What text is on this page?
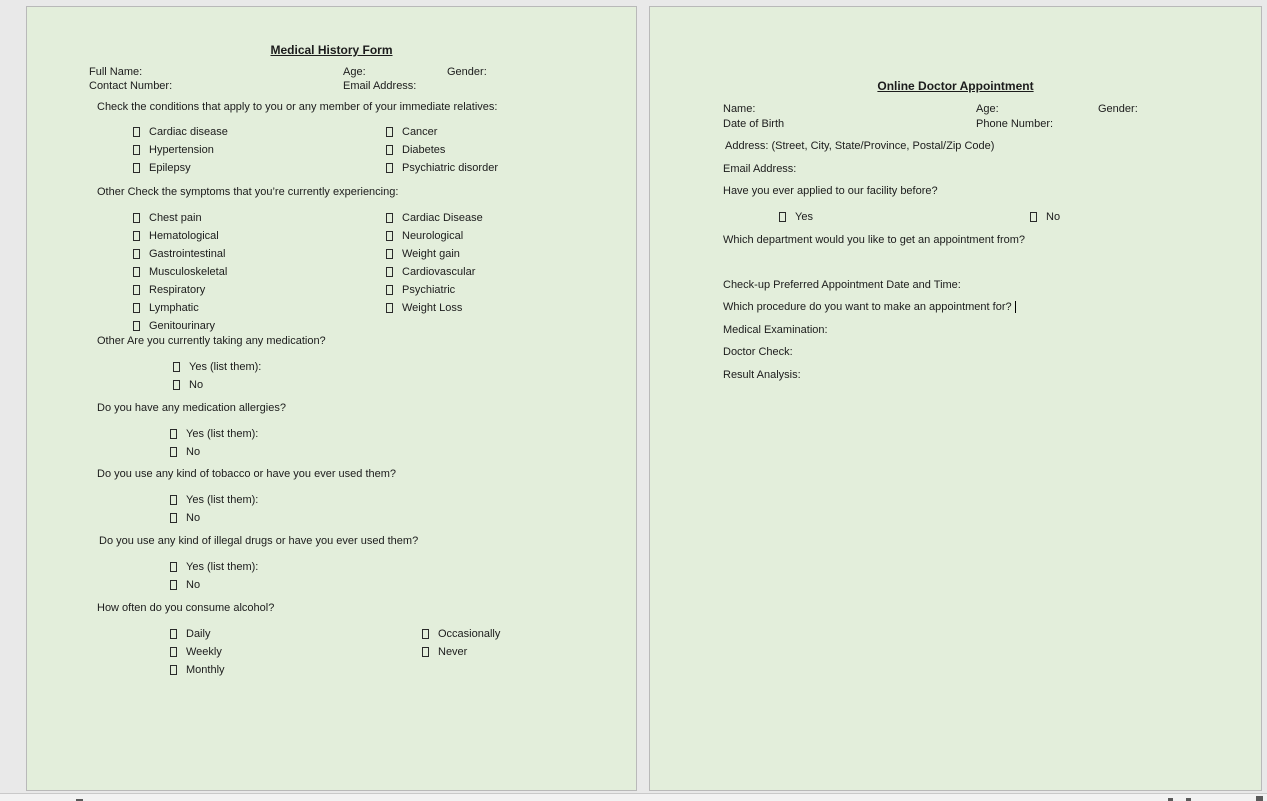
Medical History Form
Full Name:	Age:	Gender:
Contact Number:	Email Address:
Check the conditions that apply to you or any member of your immediate relatives:
Cardiac disease
Hypertension
Epilepsy
Cancer
Diabetes
Psychiatric disorder
Other Check the symptoms that you’re currently experiencing:
Chest pain
Hematological
Gastrointestinal
Musculoskeletal
Respiratory
Lymphatic
Genitourinary
Cardiac Disease
Neurological
Weight gain
Cardiovascular
Psychiatric
Weight Loss
Other Are you currently taking any medication?
Yes (list them):
No
Do you have any medication allergies?
Yes (list them):
No
Do you use any kind of tobacco or have you ever used them?
Yes (list them):
No
Do you use any kind of illegal drugs or have you ever used them?
Yes (list them):
No
How often do you consume alcohol?
Daily
Weekly
Monthly
Occasionally
Never
Online Doctor Appointment
Name:	Age:	Gender:
Date of Birth	Phone Number:
Address: (Street, City, State/Province, Postal/Zip Code)
Email Address:
Have you ever applied to our facility before?
Yes	No
Which department would you like to get an appointment from?
Check-up Preferred Appointment Date and Time:
Which procedure do you want to make an appointment for?
Medical Examination:
Doctor Check:
Result Analysis:
